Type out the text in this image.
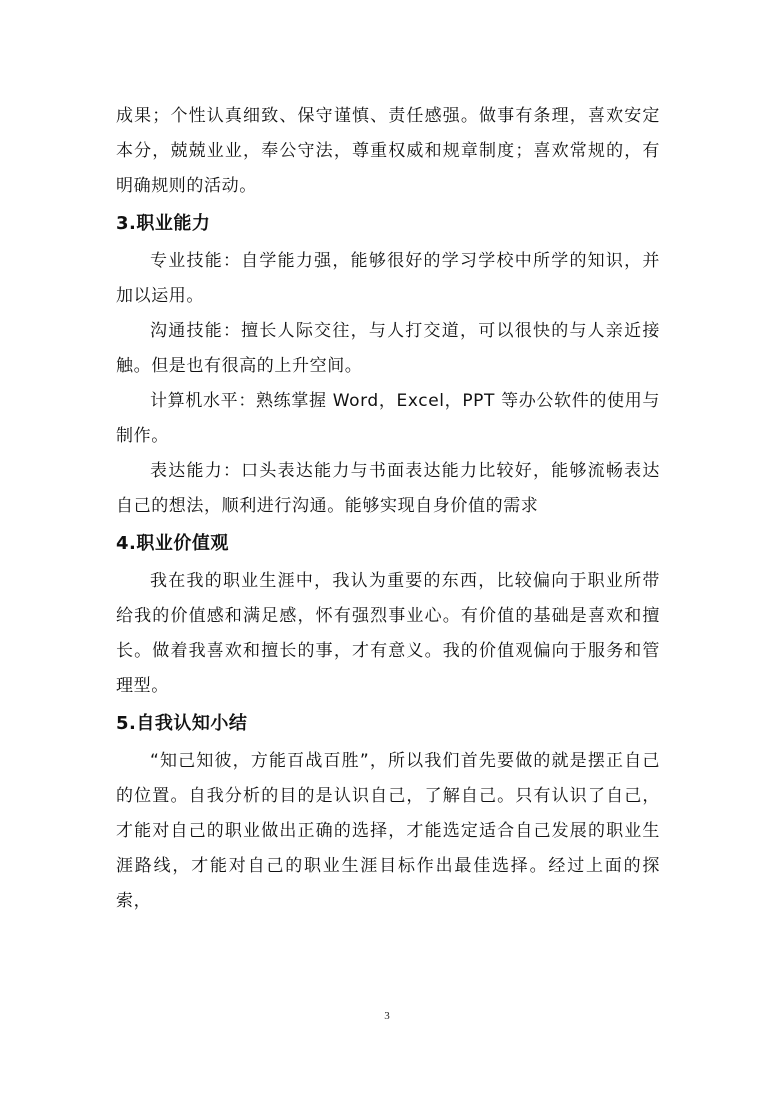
成果；个性认真细致、保守谨慎、责任感强。做事有条理，喜欢安定本分，兢兢业业，奉公守法，尊重权威和规章制度；喜欢常规的，有明确规则的活动。

3.职业能力

专业技能：自学能力强，能够很好的学习学校中所学的知识，并加以运用。

沟通技能：擅长人际交往，与人打交道，可以很快的与人亲近接触。但是也有很高的上升空间。

计算机水平：熟练掌握 Word，Excel，PPT 等办公软件的使用与制作。

表达能力：口头表达能力与书面表达能力比较好，能够流畅表达自己的想法，顺利进行沟通。能够实现自身价值的需求

4.职业价值观

我在我的职业生涯中，我认为重要的东西，比较偏向于职业所带给我的价值感和满足感，怀有强烈事业心。有价值的基础是喜欢和擅长。做着我喜欢和擅长的事，才有意义。我的价值观偏向于服务和管理型。

5.自我认知小结

“知己知彼，方能百战百胜”，所以我们首先要做的就是摆正自己的位置。自我分析的目的是认识自己，了解自己。只有认识了自己，才能对自己的职业做出正确的选择，才能选定适合自己发展的职业生涯路线，才能对自己的职业生涯目标作出最佳选择。经过上面的探索，

3
